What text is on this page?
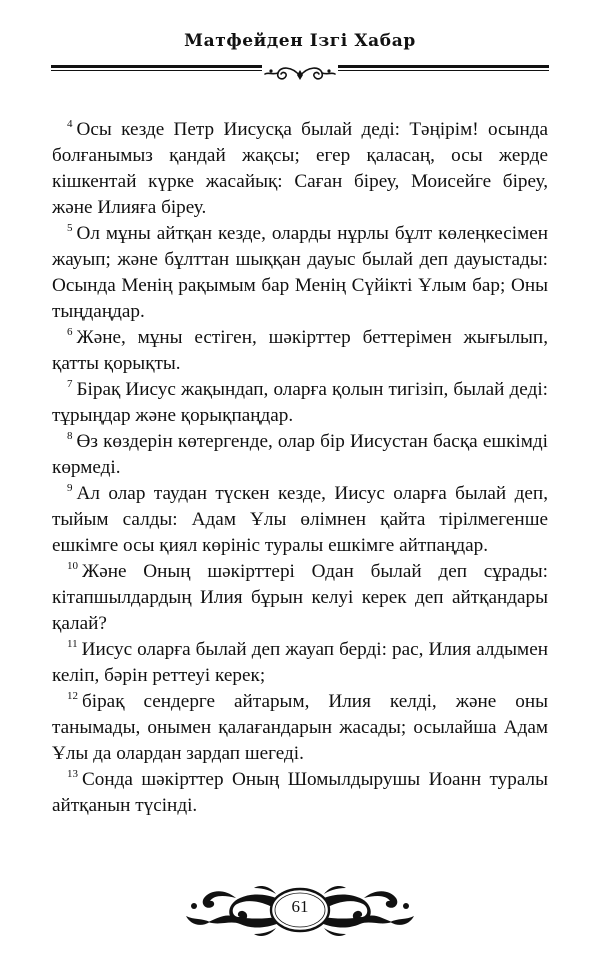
Матфейден Ізгі Хабар

$^4$ Осы кезде Петр Иисусқа былай деді: Тәңірім! осында болғанымыз қандай жақсы; егер қаласаң, осы жерде кішкентай күрке жасайық: Саған біреу, Моисейге біреу, және Илияға біреу.

$^5$ Ол мұны айтқан кезде, оларды нұрлы бұлт көлеңкесімен жауып; және бұлттан шыққан дауыс былай деп дауыстады: Осында Менің рақымым бар Менің Сүйікті Ұлым бар; Оны тыңдаңдар.

$^6$ Және, мұны естіген, шәкірттер беттерімен жығылып, қатты қорықты.

$^7$ Бірақ Иисус жақындап, оларға қолын тигізіп, былай деді: тұрыңдар және қорықпаңдар.

$^8$ Өз көздерін көтергенде, олар бір Иисустан басқа ешкімді көрмеді.

$^9$ Ал олар таудан түскен кезде, Иисус оларға былай деп, тыйым салды: Адам Ұлы өлімнен қайта тірілмегенше ешкімге осы қиял көрініс туралы ешкімге айтпаңдар.

$^{10}$ Және Оның шәкірттері Одан былай деп сұрады: кітапшылдардың Илия бұрын келуі керек деп айтқандары қалай?

$^{11}$ Иисус оларға былай деп жауап берді: рас, Илия алдымен келіп, бәрін реттеуі керек;

$^{12}$ бірақ сендерге айтарым, Илия келді, және оны танымады, онымен қалағандарын жасады; осылайша Адам Ұлы да олардан зардап шегеді.

$^{13}$ Сонда шәкірттер Оның Шомылдырушы Иоанн туралы айтқанын түсінді.

61
